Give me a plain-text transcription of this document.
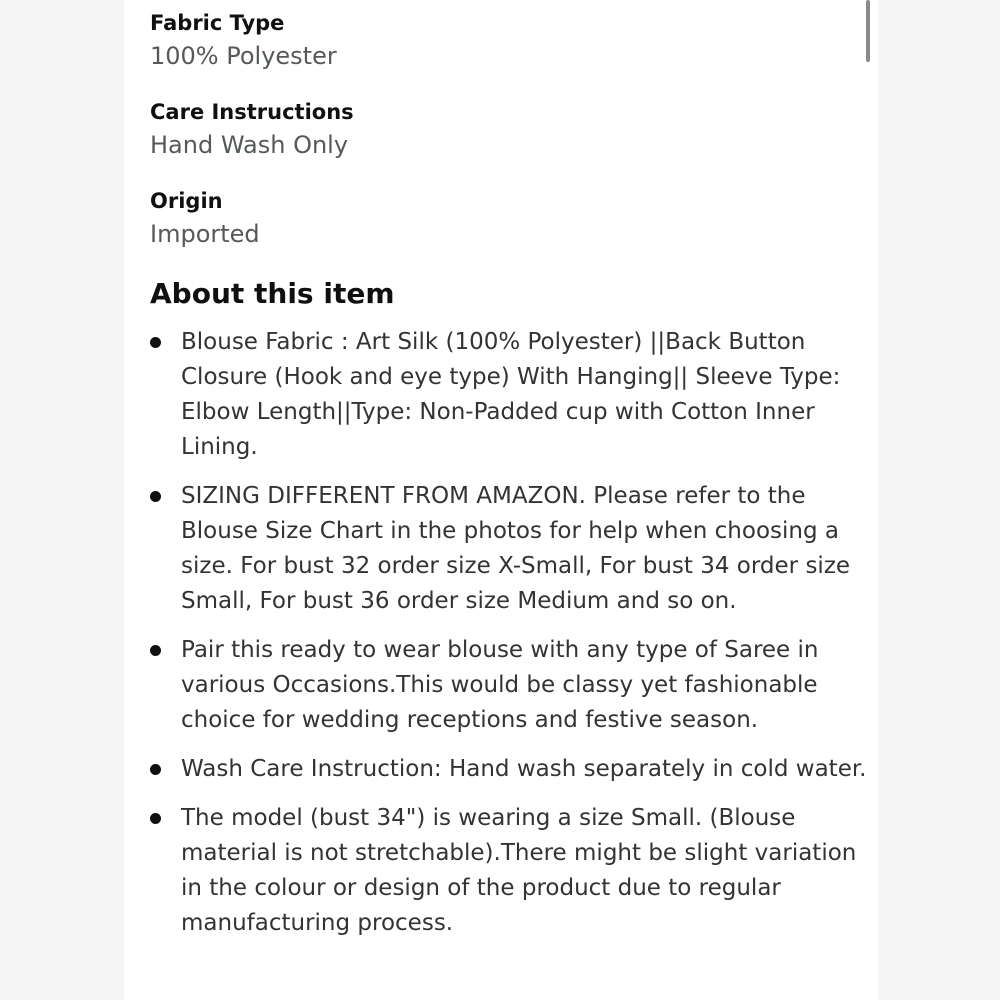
Fabric Type
100% Polyester
Care Instructions
Hand Wash Only
Origin
Imported
About this item
Blouse Fabric : Art Silk (100% Polyester) ||Back Button Closure (Hook and eye type) With Hanging|| Sleeve Type: Elbow Length||Type: Non-Padded cup with Cotton Inner Lining.
SIZING DIFFERENT FROM AMAZON. Please refer to the Blouse Size Chart in the photos for help when choosing a size. For bust 32 order size X-Small, For bust 34 order size Small, For bust 36 order size Medium and so on.
Pair this ready to wear blouse with any type of Saree in various Occasions.This would be classy yet fashionable choice for wedding receptions and festive season.
Wash Care Instruction: Hand wash separately in cold water.
The model (bust 34") is wearing a size Small. (Blouse material is not stretchable).There might be slight variation in the colour or design of the product due to regular manufacturing process.
